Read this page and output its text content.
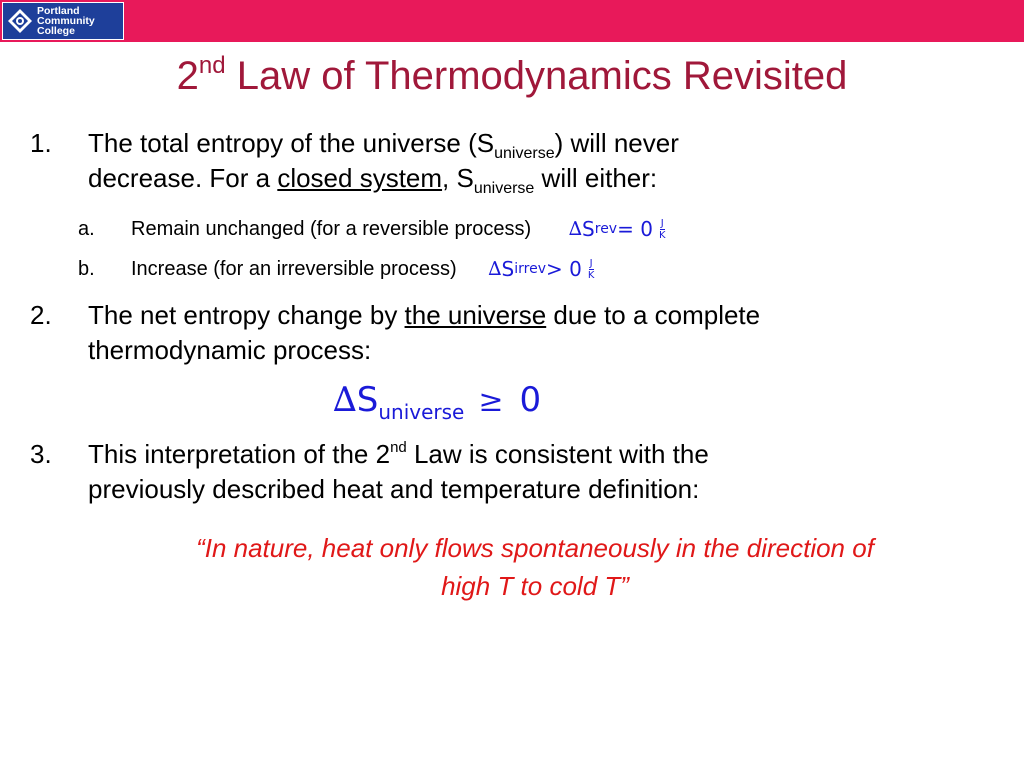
Portland
Community
College
2nd Law of Thermodynamics Revisited
1. The total entropy of the universe $(S_{universe})$ will never
decrease. For a closed system, $S_{universe}$ will either:
a. Remain unchanged (for a reversible process) ∆ S rev = $0 \frac{J}{K}$
b. Increase (for an irreversible process) ∆ S irrev > $0 \frac{J}{K}$
2. The net entropy change by the universe due to a complete
thermodynamic process:
$\Delta S_{universe} \ge 0$
3. This interpretation of the 2nd Law is consistent with the
previously described heat and temperature definition:
“In nature, heat only flows spontaneously in the direction of
high T to cold T”
